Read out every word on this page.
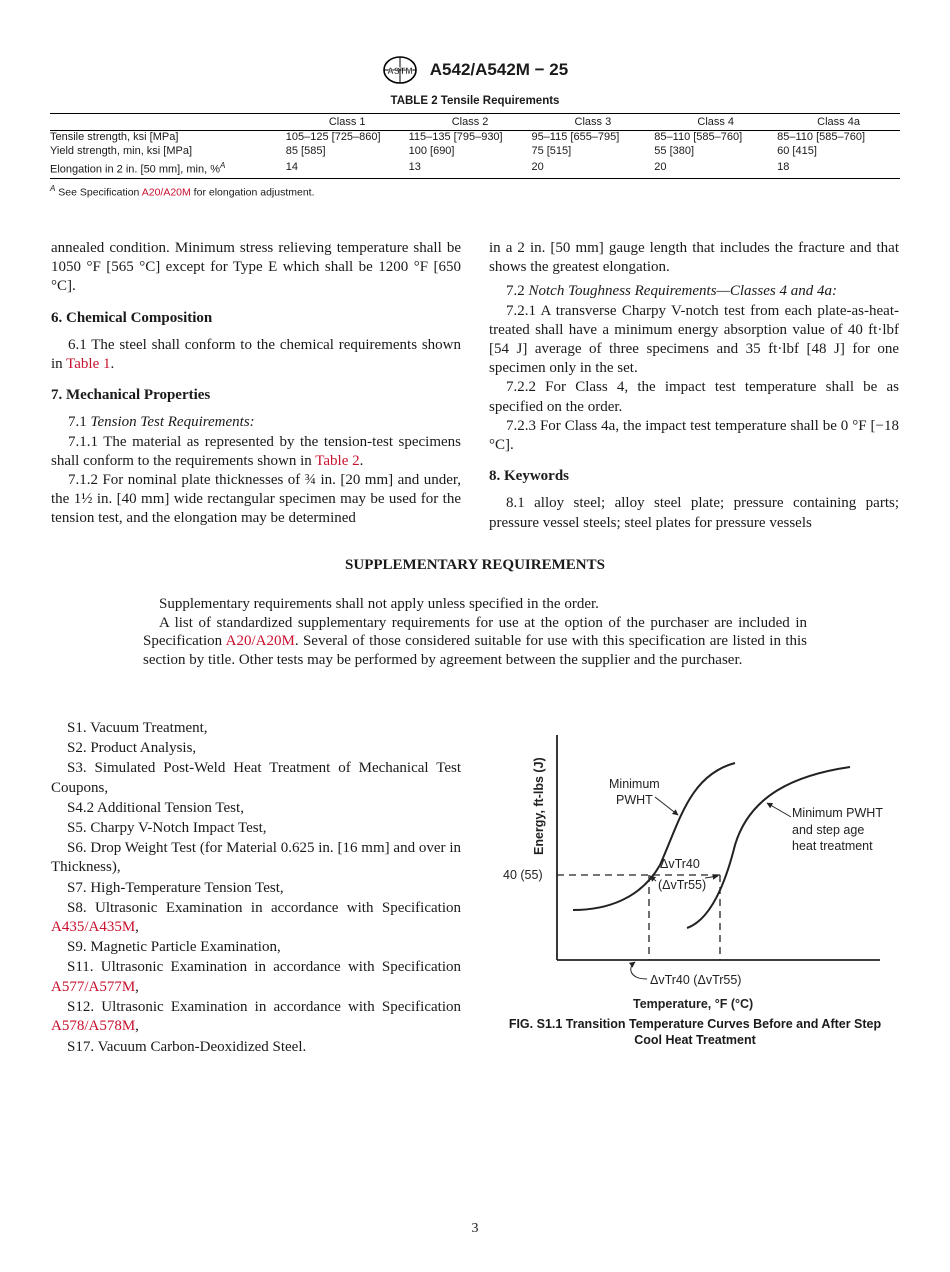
ASTM A542/A542M − 25
TABLE 2 Tensile Requirements
	Class 1	Class 2	Class 3	Class 4	Class 4a
Tensile strength, ksi [MPa]	105–125 [725–860]	115–135 [795–930]	95–115 [655–795]	85–110 [585–760]	85–110 [585–760]
Yield strength, min, ksi [MPa]	85 [585]	100 [690]	75 [515]	55 [380]	60 [415]
Elongation in 2 in. [50 mm], min, %$^A$	14	13	20	20	18
$^A$ See Specification A20/A20M for elongation adjustment.

annealed condition. Minimum stress relieving temperature shall be 1050 °F [565 °C] except for Type E which shall be 1200 °F [650 °C].

6. Chemical Composition

6.1 The steel shall conform to the chemical requirements shown in Table 1.

7. Mechanical Properties

7.1 Tension Test Requirements:

7.1.1 The material as represented by the tension-test specimens shall conform to the requirements shown in Table 2.

7.1.2 For nominal plate thicknesses of ¾ in. [20 mm] and under, the 1½ in. [40 mm] wide rectangular specimen may be used for the tension test, and the elongation may be determined

in a 2 in. [50 mm] gauge length that includes the fracture and that shows the greatest elongation.

7.2 Notch Toughness Requirements—Classes 4 and 4a:

7.2.1 A transverse Charpy V-notch test from each plate-as-heat-treated shall have a minimum energy absorption value of 40 ft·lbf [54 J] average of three specimens and 35 ft·lbf [48 J] for one specimen only in the set.

7.2.2 For Class 4, the impact test temperature shall be as specified on the order.

7.2.3 For Class 4a, the impact test temperature shall be 0 °F [−18 °C].

8. Keywords

8.1 alloy steel; alloy steel plate; pressure containing parts; pressure vessel steels; steel plates for pressure vessels

SUPPLEMENTARY REQUIREMENTS

Supplementary requirements shall not apply unless specified in the order.

A list of standardized supplementary requirements for use at the option of the purchaser are included in Specification A20/A20M. Several of those considered suitable for use with this specification are listed in this section by title. Other tests may be performed by agreement between the supplier and the purchaser.

S1. Vacuum Treatment,

S2. Product Analysis,

S3. Simulated Post-Weld Heat Treatment of Mechanical Test Coupons,

S4.2 Additional Tension Test,

S5. Charpy V-Notch Impact Test,

S6. Drop Weight Test (for Material 0.625 in. [16 mm] and over in Thickness),

S7. High-Temperature Tension Test,

S8. Ultrasonic Examination in accordance with Specification A435/A435M,

S9. Magnetic Particle Examination,

S11. Ultrasonic Examination in accordance with Specification A577/A577M,

S12. Ultrasonic Examination in accordance with Specification A578/A578M,

S17. Vacuum Carbon-Deoxidized Steel.

Energy, ft-lbs (J)
40 (55)
Minimum
PWHT
Minimum PWHT
and step age
heat treatment
ΔvTr40
(ΔvTr55)
ΔvTr40 (ΔvTr55)
Temperature, °F (°C)
FIG. S1.1 Transition Temperature Curves Before and After Step
Cool Heat Treatment
3
